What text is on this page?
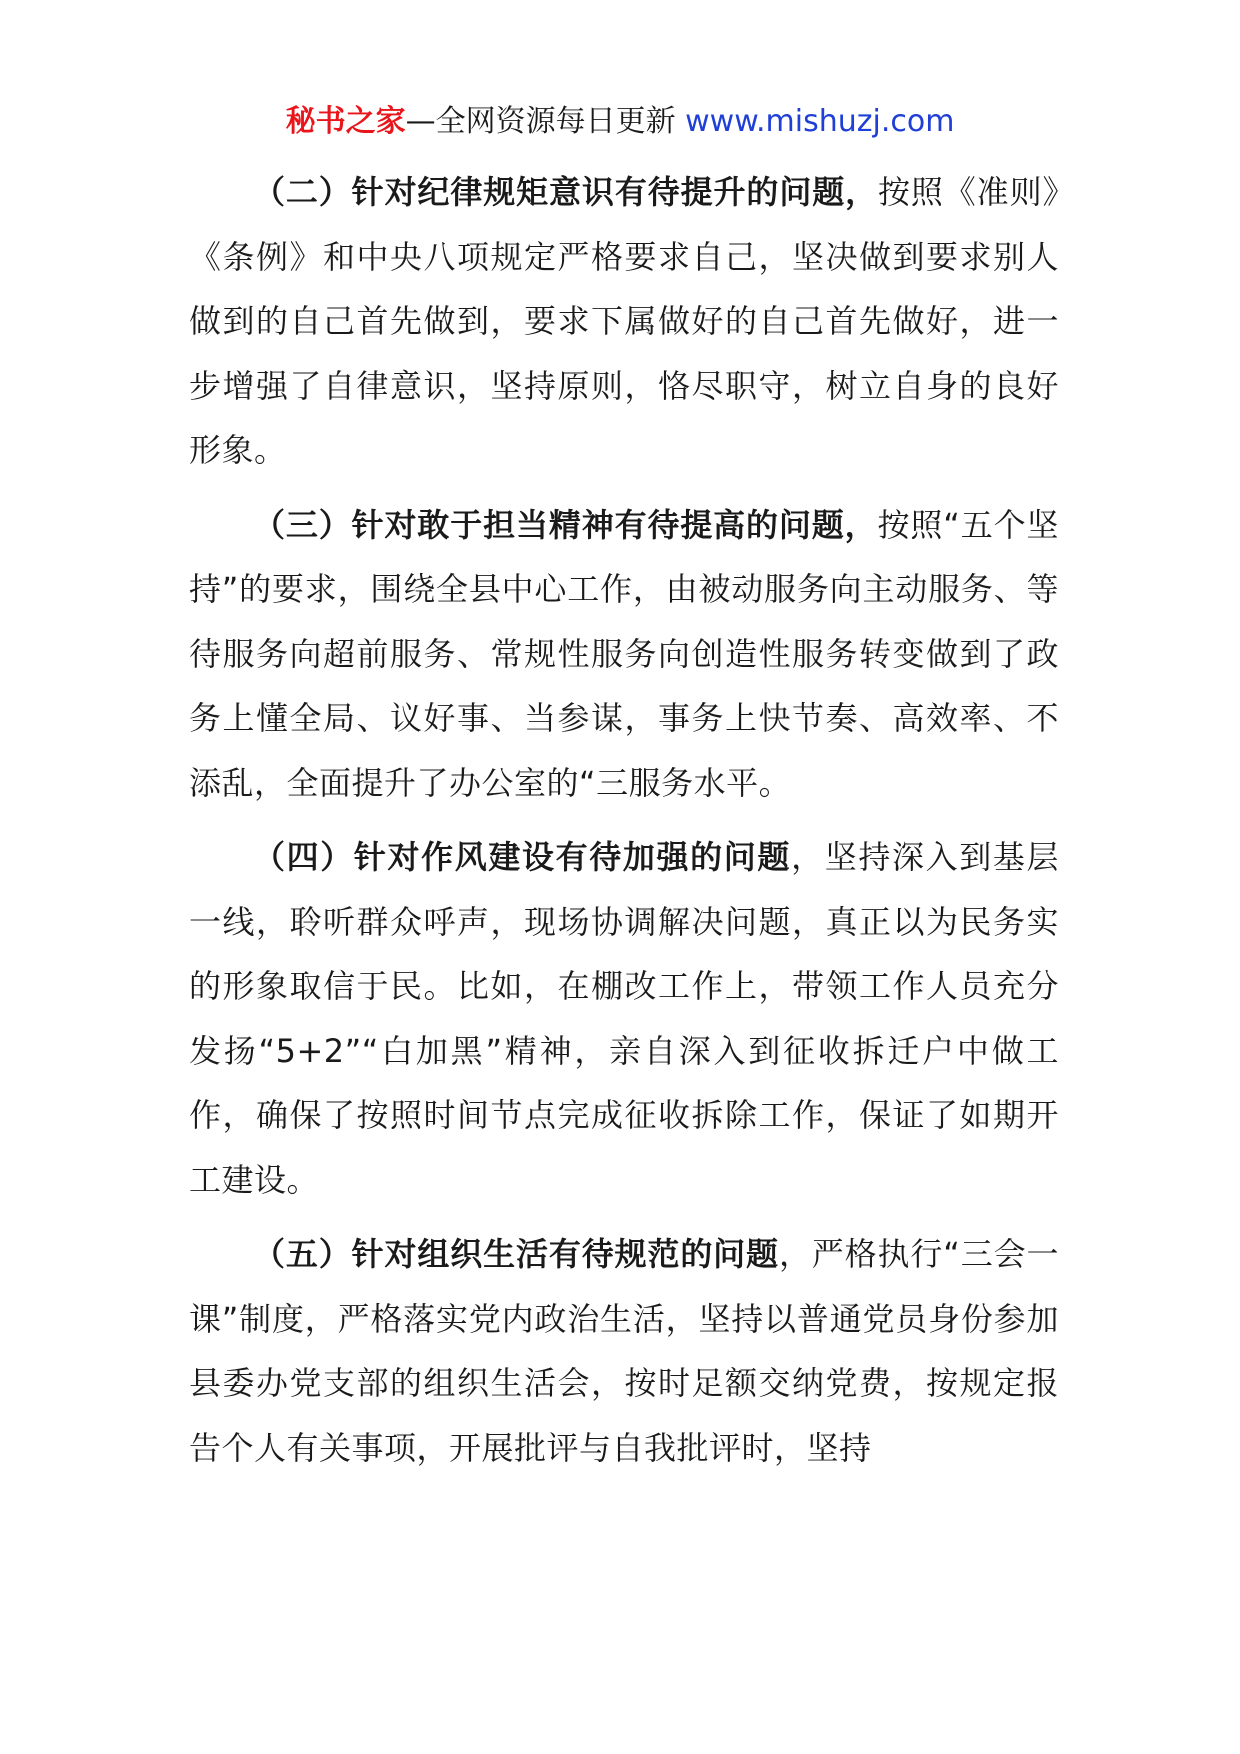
秘书之家—全网资源每日更新 www.mishuzj.com

（二）针对纪律规矩意识有待提升的问题，按照《准则》《条例》和中央八项规定严格要求自己，坚决做到要求别人做到的自己首先做到，要求下属做好的自己首先做好，进一步增强了自律意识，坚持原则，恪尽职守，树立自身的良好形象。

（三）针对敢于担当精神有待提高的问题，按照“五个坚持”的要求，围绕全县中心工作，由被动服务向主动服务、等待服务向超前服务、常规性服务向创造性服务转变做到了政务上懂全局、议好事、当参谋，事务上快节奏、高效率、不添乱，全面提升了办公室的“三服务水平。

（四）针对作风建设有待加强的问题，坚持深入到基层一线，聆听群众呼声，现场协调解决问题，真正以为民务实的形象取信于民。比如，在棚改工作上，带领工作人员充分发扬“5+2”“白加黑”精神，亲自深入到征收拆迁户中做工作，确保了按照时间节点完成征收拆除工作，保证了如期开工建设。

（五）针对组织生活有待规范的问题，严格执行“三会一课”制度，严格落实党内政治生活，坚持以普通党员身份参加县委办党支部的组织生活会，按时足额交纳党费，按规定报告个人有关事项，开展批评与自我批评时，坚持
